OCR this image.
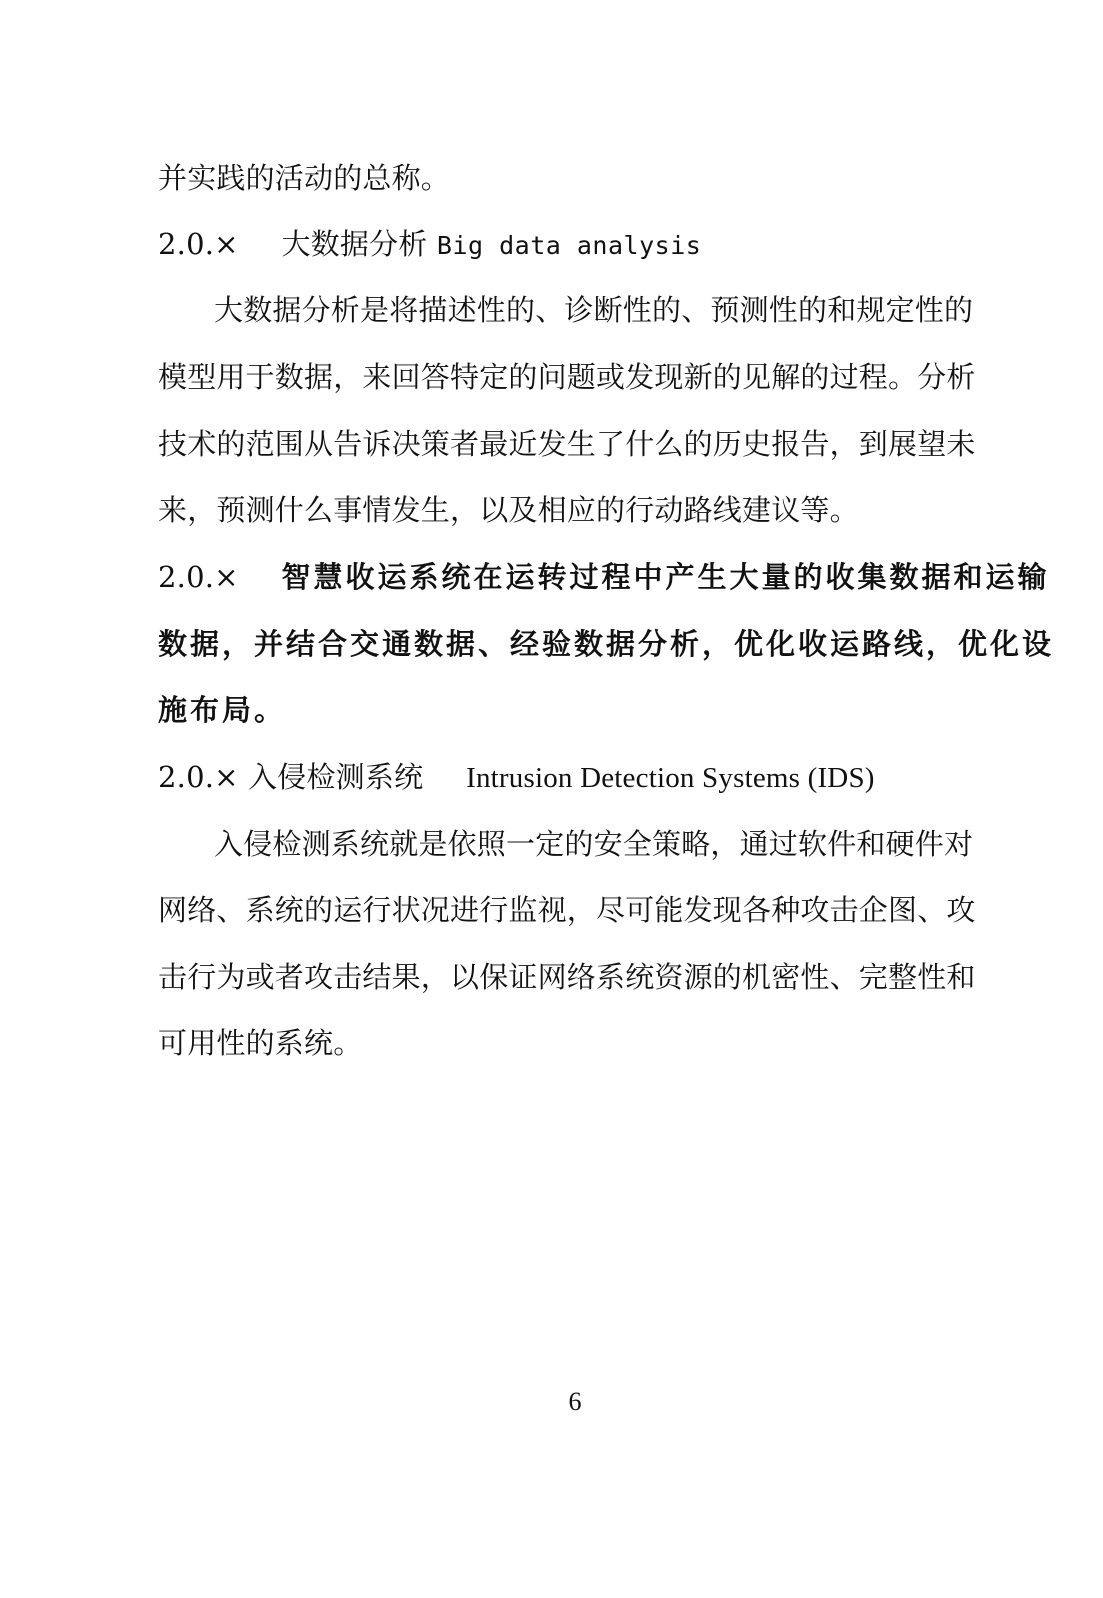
并实践的活动的总称。
2.0.× 大数据分析 Big data analysis
大数据分析是将描述性的、诊断性的、预测性的和规定性的
模型用于数据，来回答特定的问题或发现新的见解的过程。分析
技术的范围从告诉决策者最近发生了什么的历史报告，到展望未
来，预测什么事情发生，以及相应的行动路线建议等。
2.0.× 智慧收运系统在运转过程中产生大量的收集数据和运输
数据，并结合交通数据、经验数据分析，优化收运路线，优化设
施布局。
2.0.× 入侵检测系统 Intrusion Detection Systems (IDS)
入侵检测系统就是依照一定的安全策略，通过软件和硬件对
网络、系统的运行状况进行监视，尽可能发现各种攻击企图、攻
击行为或者攻击结果，以保证网络系统资源的机密性、完整性和
可用性的系统。
6
